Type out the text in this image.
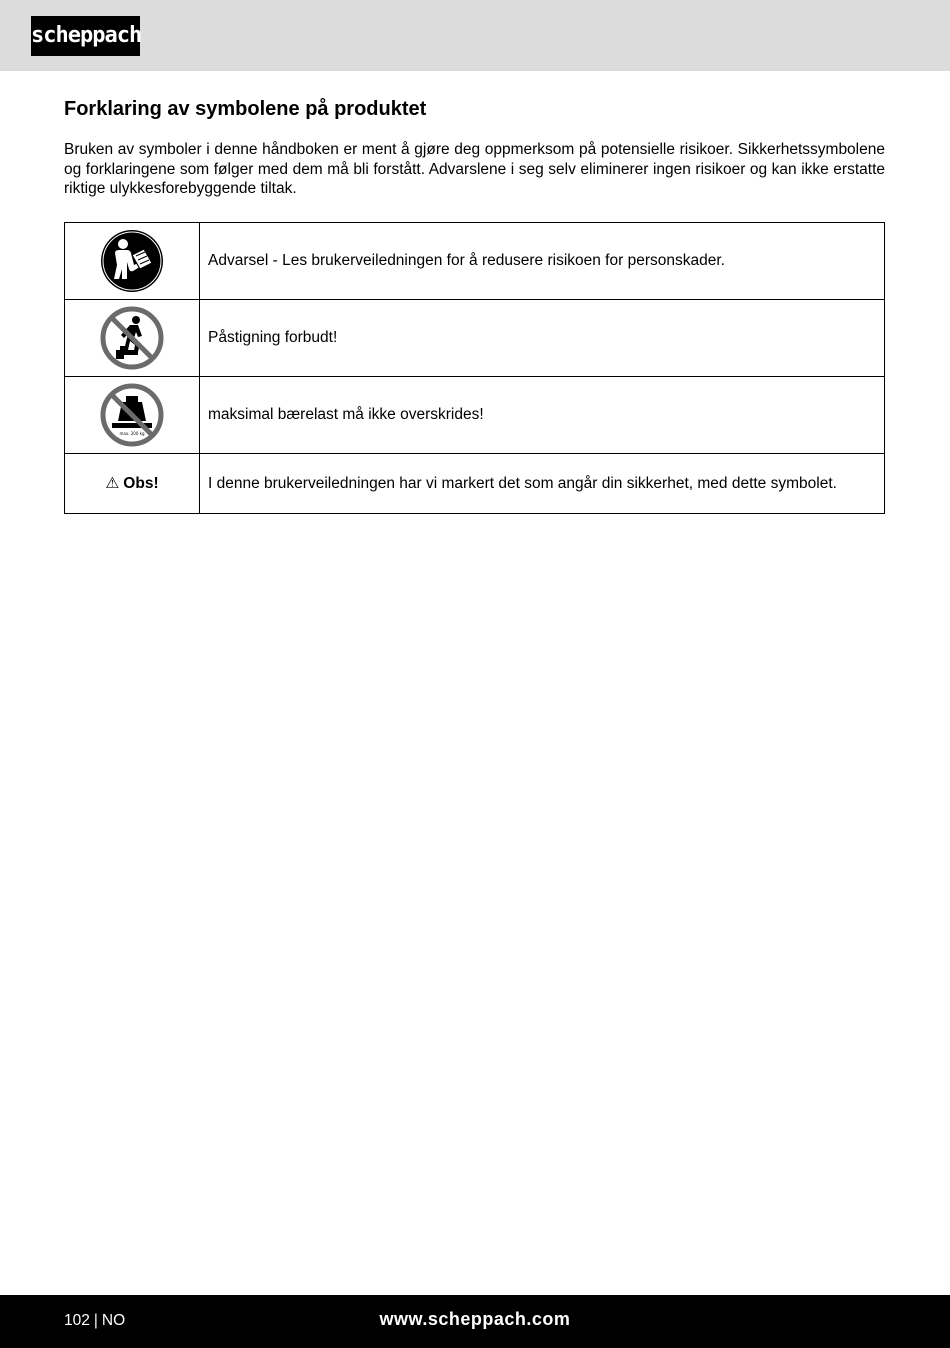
scheppach
Forklaring av symbolene på produktet

Bruken av symboler i denne håndboken er ment å gjøre deg oppmerksom på potensielle risikoer. Sikkerhetssymbolene og forklaringene som følger med dem må bli forstått. Advarslene i seg selv eliminerer ingen risikoer og kan ikke erstatte riktige ulykkesforebyggende tiltak.

	Advarsel - Les brukerveiledningen for å redusere risikoen for personskader.

	Påstigning forbudt!

max. 200 kg	maksimal bærelast må ikke overskrides!
⚠ Obs!	I denne brukerveiledningen har vi markert det som angår din sikkerhet, med dette symbolet.
102 | NO	www.scheppach.com
